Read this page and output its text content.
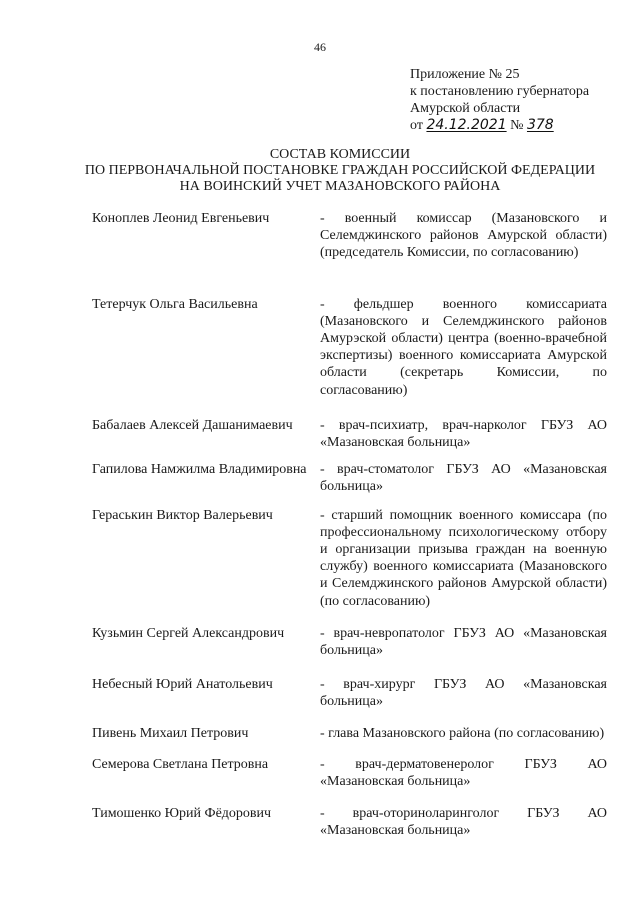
46
Приложение № 25
к постановлению губернатора
Амурской области
от 24.12.2021 № 378
СОСТАВ КОМИССИИ
ПО ПЕРВОНАЧАЛЬНОЙ ПОСТАНОВКЕ ГРАЖДАН РОССИЙСКОЙ ФЕДЕРАЦИИ
НА ВОИНСКИЙ УЧЕТ МАЗАНОВСКОГО РАЙОНА
Коноплев Леонид Евгеньевич	- военный комиссар (Мазановского и Селемджинского районов Амурской области) (председатель Комиссии, по согласованию)
Тетерчук Ольга Васильевна	- фельдшер военного комиссариата (Мазановского и Селемджинского районов Амурэской области) центра (военно-врачебной экспертизы) военного комиссариата Амурской области (секретарь Комиссии, по согласованию)
Бабалаев Алексей Дашанимаевич	- врач-психиатр, врач-нарколог ГБУЗ АО «Мазановская больница»
Гапилова Намжилма Владимировна - врач-стоматолог ГБУЗ АО «Мазановская больница»
Гераськин Виктор Валерьевич	- старший помощник военного комиссара (по профессиональному психологическому отбору и организации призыва граждан на военную службу) военного комиссариата (Мазановского и Селемджинского районов Амурской области) (по согласованию)
Кузьмин Сергей Александрович	- врач-невропатолог ГБУЗ АО «Мазановская больница»
Небесный Юрий Анатольевич	- врач-хирург ГБУЗ АО «Мазановская больница»
Пивень Михаил Петрович	- глава Мазановского района (по согласованию)
Семерова Светлана Петровна	- врач-дерматовенеролог ГБУЗ АО «Мазановская больница»
Тимошенко Юрий Фёдорович	- врач-оториноларинголог ГБУЗ АО «Мазановская больница»
